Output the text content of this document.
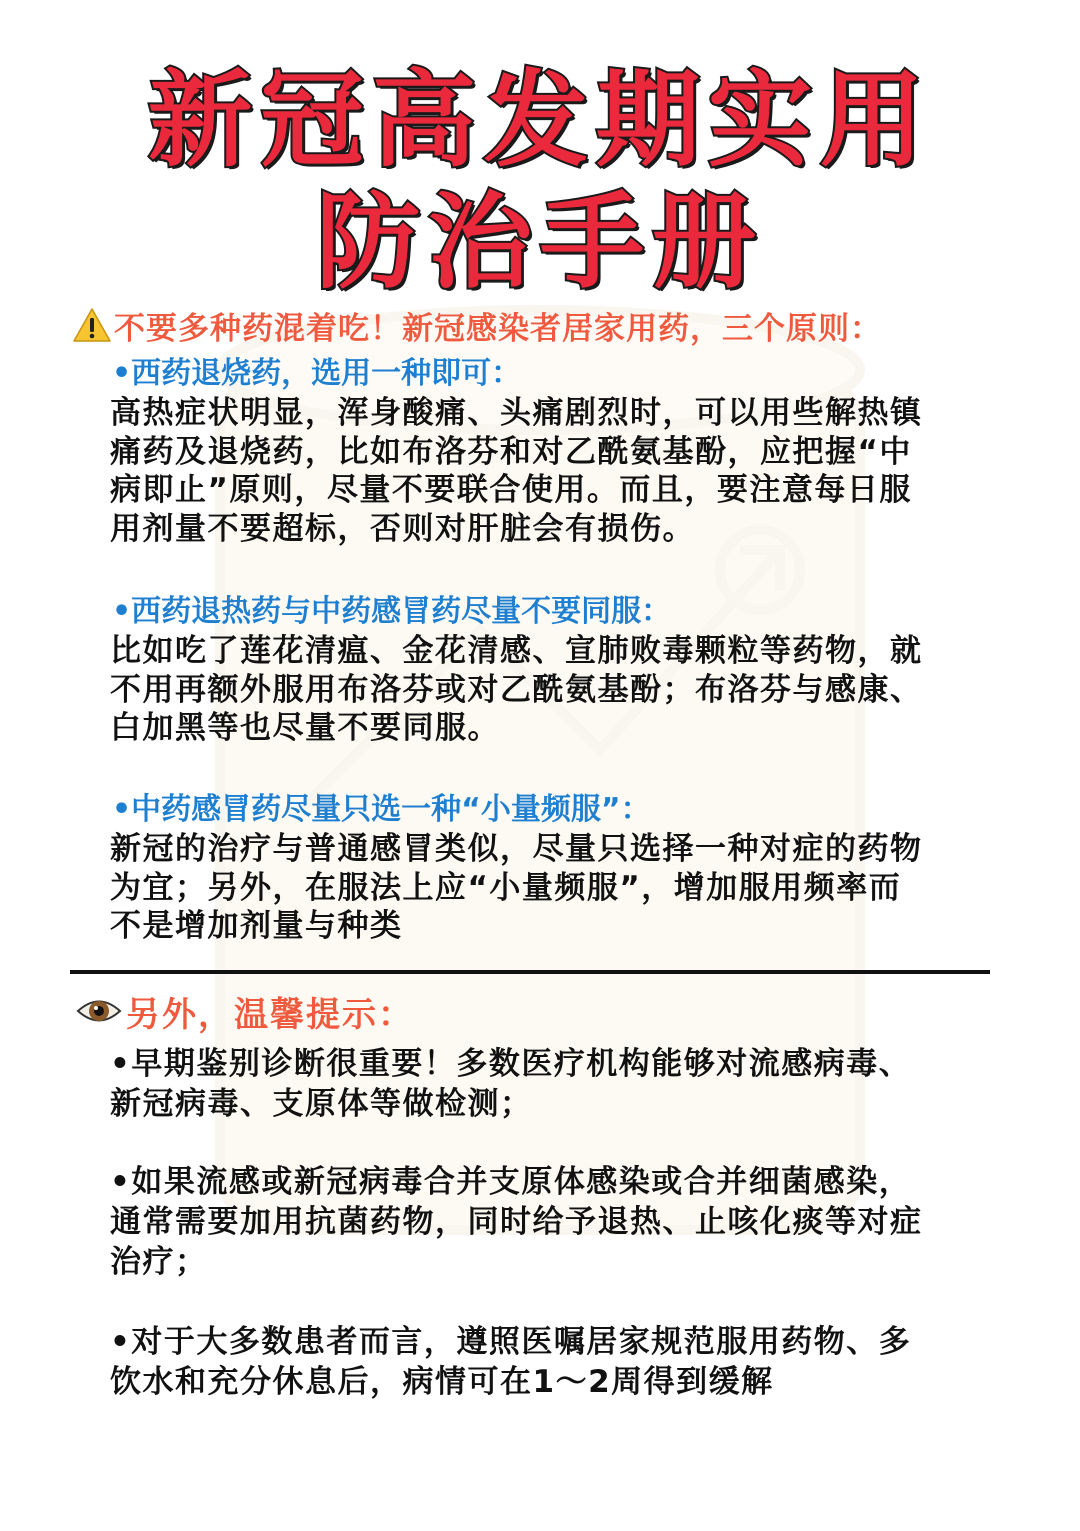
新冠高发期实用
防治手册
不要多种药混着吃！新冠感染者居家用药，三个原则：
•西药退烧药，选用一种即可：
高热症状明显，浑身酸痛、头痛剧烈时，可以用些解热镇
痛药及退烧药，比如布洛芬和对乙酰氨基酚，应把握“中
病即止”原则，尽量不要联合使用。而且，要注意每日服
用剂量不要超标，否则对肝脏会有损伤。
•西药退热药与中药感冒药尽量不要同服：
比如吃了莲花清瘟、金花清感、宣肺败毒颗粒等药物，就
不用再额外服用布洛芬或对乙酰氨基酚；布洛芬与感康、
白加黑等也尽量不要同服。
•中药感冒药尽量只选一种“小量频服”：
新冠的治疗与普通感冒类似，尽量只选择一种对症的药物
为宜；另外，在服法上应“小量频服”，增加服用频率而
不是增加剂量与种类
另外，温馨提示：
•早期鉴别诊断很重要！多数医疗机构能够对流感病毒、
新冠病毒、支原体等做检测；
•如果流感或新冠病毒合并支原体感染或合并细菌感染，
通常需要加用抗菌药物，同时给予退热、止咳化痰等对症
治疗；
•对于大多数患者而言，遵照医嘱居家规范服用药物、多
饮水和充分休息后，病情可在1～2周得到缓解
